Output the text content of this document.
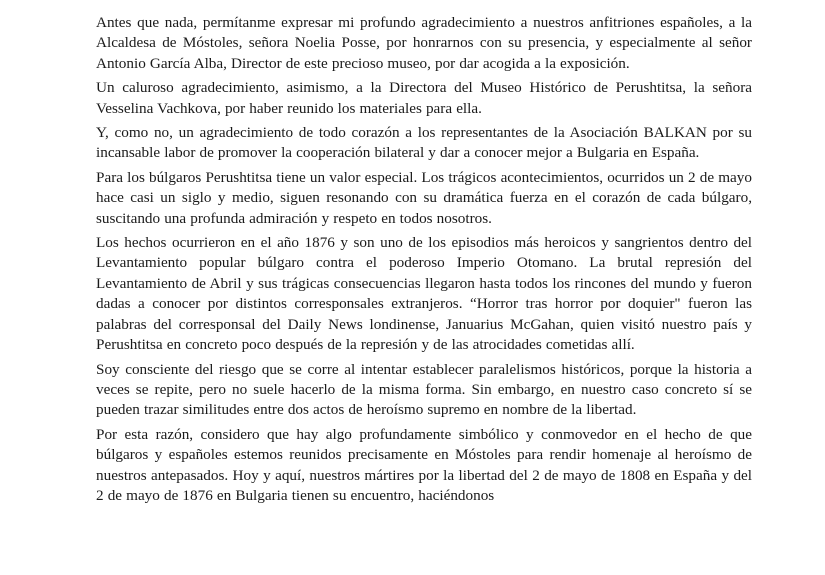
Antes que nada, permítanme expresar mi profundo agradecimiento a nuestros anfitriones españoles, a la Alcaldesa de Móstoles, señora Noelia Posse, por honrarnos con su presencia, y especialmente al señor Antonio García Alba, Director de este precioso museo, por dar acogida a la exposición.

Un caluroso agradecimiento, asimismo, a la Directora del Museo Histórico de Perushtitsa, la señora Vesselina Vachkova, por haber reunido los materiales para ella.

Y, como no, un agradecimiento de todo corazón a los representantes de la Asociación BALKAN por su incansable labor de promover la cooperación bilateral y dar a conocer mejor a Bulgaria en España.

Para los búlgaros Perushtitsa tiene un valor especial. Los trágicos acontecimientos, ocurridos un 2 de mayo hace casi un siglo y medio, siguen resonando con su dramática fuerza en el corazón de cada búlgaro, suscitando una profunda admiración y respeto en todos nosotros.

Los hechos ocurrieron en el año 1876 y son uno de los episodios más heroicos y sangrientos dentro del Levantamiento popular búlgaro contra el poderoso Imperio Otomano. La brutal represión del Levantamiento de Abril y sus trágicas consecuencias llegaron hasta todos los rincones del mundo y fueron dadas a conocer por distintos corresponsales extranjeros. “Horror tras horror por doquier" fueron las palabras del corresponsal del Daily News londinense, Januarius McGahan, quien visitó nuestro país y Perushtitsa en concreto poco después de la represión y de las atrocidades cometidas allí.

Soy consciente del riesgo que se corre al intentar establecer paralelismos históricos, porque la historia a veces se repite, pero no suele hacerlo de la misma forma. Sin embargo, en nuestro caso concreto sí se pueden trazar similitudes entre dos actos de heroísmo supremo en nombre de la libertad.

Por esta razón, considero que hay algo profundamente simbólico y conmovedor en el hecho de que búlgaros y españoles estemos reunidos precisamente en Móstoles para rendir homenaje al heroísmo de nuestros antepasados. Hoy y aquí, nuestros mártires por la libertad del 2 de mayo de 1808 en España y del 2 de mayo de 1876 en Bulgaria tienen su encuentro, haciéndonos
